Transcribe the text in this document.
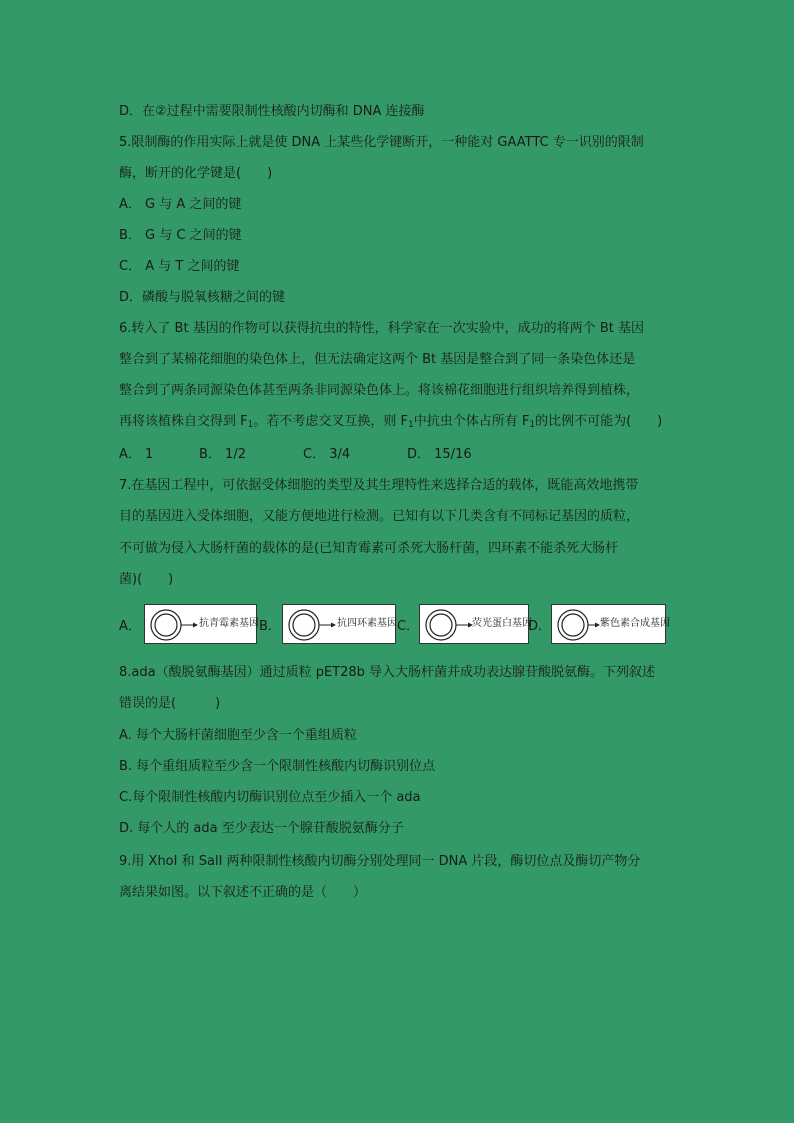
D．在②过程中需要限制性核酸内切酶和 DNA 连接酶
5.限制酶的作用实际上就是使 DNA 上某些化学键断开，一种能对 GAATTC 专一识别的限制
酶，断开的化学键是(　　)
A． G 与 A 之间的键
B． G 与 C 之间的键
C． A 与 T 之间的键
D．磷酸与脱氧核糖之间的键
6.转入了 Bt 基因的作物可以获得抗虫的特性，科学家在一次实验中，成功的将两个 Bt 基因
整合到了某棉花细胞的染色体上，但无法确定这两个 Bt 基因是整合到了同一条染色体还是
整合到了两条同源染色体甚至两条非同源染色体上。将该棉花细胞进行组织培养得到植株，
再将该植株自交得到 $F_1$。若不考虑交叉互换，则 $F_1$中抗虫个体占所有 $F_1$的比例不可能为(　　)
A． 1	B． 1/2	C． 3/4	D． 15/16
7.在基因工程中，可依据受体细胞的类型及其生理特性来选择合适的载体，既能高效地携带
目的基因进入受体细胞，又能方便地进行检测。已知有以下几类含有不同标记基因的质粒，
不可做为侵入大肠杆菌的载体的是(已知青霉素可杀死大肠杆菌，四环素不能杀死大肠杆
菌)(　　)
A．	抗青霉素基因 B．	抗四环素基因 C．	荧光蛋白基因
D．	紫色素合成基因
8.ada（酸脱氨酶基因）通过质粒 pET28b 导入大肠杆菌并成功表达腺苷酸脱氨酶。下列叙述
错误的是(　　　)
A. 每个大肠杆菌细胞至少含一个重组质粒
B. 每个重组质粒至少含一个限制性核酸内切酶识别位点
C.每个限制性核酸内切酶识别位点至少插入一个 ada
D. 每个人的 ada 至少表达一个腺苷酸脱氨酶分子
9.用 XhoI 和 SalI 两种限制性核酸内切酶分别处理同一 DNA 片段，酶切位点及酶切产物分
离结果如图。以下叙述不正确的是（　　）
